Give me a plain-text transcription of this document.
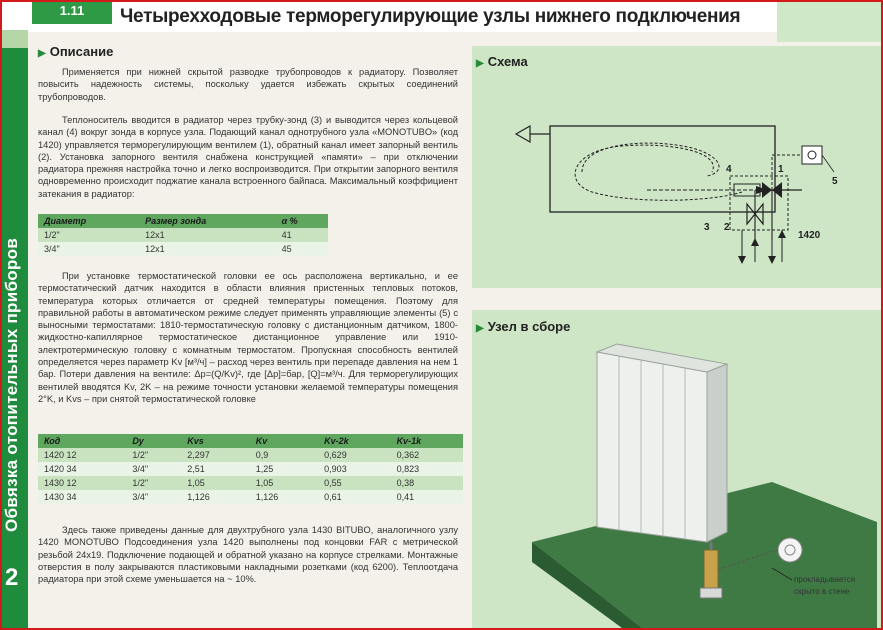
1.11	Четырехходовые терморегулирующие узлы нижнего подключения
Обвязка отопительных приборов
2
▶ Описание
Применяется при нижней скрытой разводке трубопроводов к радиатору. Позволяет повысить надежность системы, поскольку удается избежать скрытых соединений трубопроводов.
Теплоноситель вводится в радиатор через трубку-зонд (3) и выводится через кольцевой канал (4) вокруг зонда в корпусе узла. Подающий канал однотрубного узла «MONOTUBO» (код 1420) управляется терморегулирующим вентилем (1), обратный канал имеет запорный вентиль (2). Установка запорного вентиля снабжена конструкцией «памяти» – при отключении радиатора прежняя настройка точно и легко воспроизводится. При открытии запорного вентиля одновременно происходит поджатие канала встроенного байпаса. Максимальный коэффициент затекания в радиатор:
Диаметр	Размер зонда	α %
1/2"	12x1	41
3/4"	12x1	45
При установке термостатической головки ее ось расположена вертикально, и ее термостатический датчик находится в области влияния пристенных тепловых потоков, температура которых отличается от средней температуры помещения. Поэтому для правильной работы в автоматическом режиме следует применять управляющие элементы (5) с выносными термостатами: 1810-термостатическую головку с дистанционным датчиком, 1800-жидкостно-капиллярное термостатическое дистанционное управление или 1910-электротермическую головку с комнатным термостатом. Пропускная способность вентилей определяется через параметр Kv [м³/ч] – расход через вентиль при перепаде давления на нем 1 бар. Потери давления на вентиле: Δp=(Q/Kv)², где [Δp]=бар, [Q]=м³/ч. Для терморегулирующих вентилей вводятся Kv, 2K – на режиме точности установки желаемой температуры помещения 2°K, и Kvs – при снятой термостатической головке
Код	Dy	Kvs	Kv	Kv-2k	Kv-1k
1420 12	1/2"	2,297	0,9	0,629	0,362
1420 34	3/4"	2,51	1,25	0,903	0,823
1430 12	1/2"	1,05	1,05	0,55	0,38
1430 34	3/4"	1,126	1,126	0,61	0,41
Здесь также приведены данные для двухтрубного узла 1430 BITUBO, аналогичного узлу 1420 MONOTUBO Подсоединения узла 1420 выполнены под концовки FAR с метрической резьбой 24x19. Подключение подающей и обратной указано на корпусе стрелками. Монтажные отверстия в полу закрываются пластиковыми накладными розетками (код 6200). Теплоотдача радиатора при этой схеме уменьшается на ~ 10%.
▶ Схема
1
2
3
4
5
1420
▶ Узел в сборе
прокладывается
скрыто в стене
